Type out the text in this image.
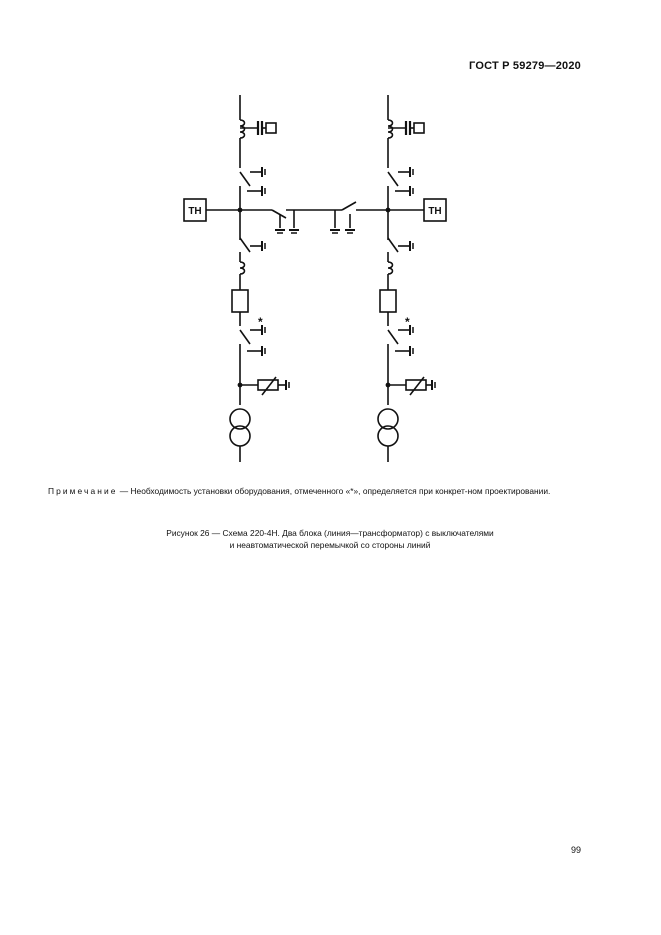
ГОСТ Р 59279—2020
ТН	ТН
*	*
Примечание — Необходимость установки оборудования, отмеченного «*», определяется при конкрет-ном проектировании.
Рисунок 26 — Схема 220-4Н. Два блока (линия—трансформатор) с выключателями
и неавтоматической перемычкой со стороны линий
99
